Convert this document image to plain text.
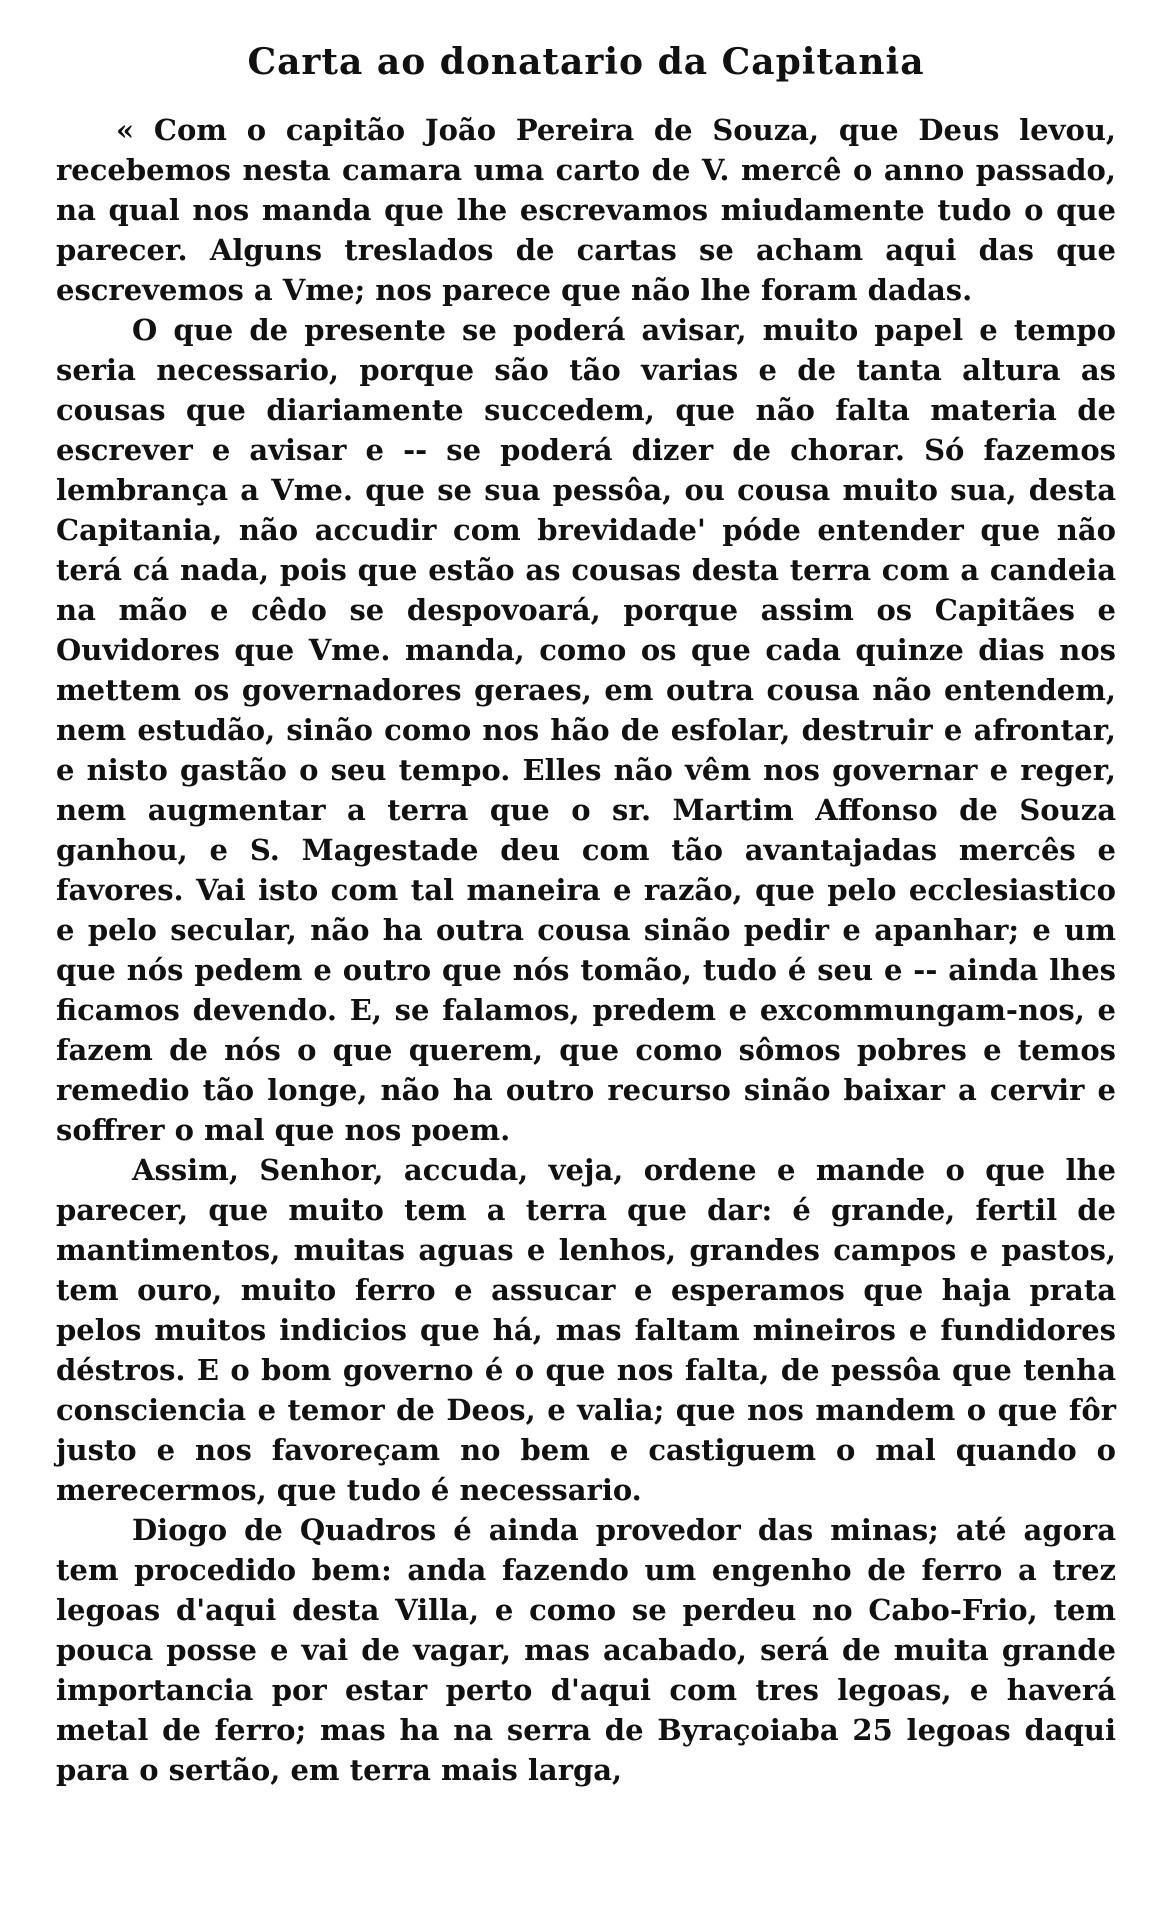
Carta ao donatario da Capitania

« Com o capitão João Pereira de Souza, que Deus levou, recebemos nesta camara uma carto de V. mercê o anno passado, na qual nos manda que lhe escrevamos miudamente tudo o que parecer. Alguns treslados de cartas se acham aqui das que escrevemos a Vme; nos parece que não lhe foram dadas.

O que de presente se poderá avisar, muito papel e tempo seria necessario, porque são tão varias e de tanta altura as cousas que diariamente succedem, que não falta materia de escrever e avisar e -- se poderá dizer de chorar. Só fazemos lembrança a Vme. que se sua pessôa, ou cousa muito sua, desta Capitania, não accudir com brevidade' póde entender que não terá cá nada, pois que estão as cousas desta terra com a candeia na mão e cêdo se despovoará, porque assim os Capitães e Ouvidores que Vme. manda, como os que cada quinze dias nos mettem os governadores geraes, em outra cousa não entendem, nem estudão, sinão como nos hão de esfolar, destruir e afrontar, e nisto gastão o seu tempo. Elles não vêm nos governar e reger, nem augmentar a terra que o sr. Martim Affonso de Souza ganhou, e S. Magestade deu com tão avantajadas mercês e favores. Vai isto com tal maneira e razão, que pelo ecclesiastico e pelo secular, não ha outra cousa sinão pedir e apanhar; e um que nós pedem e outro que nós tomão, tudo é seu e -- ainda lhes ficamos devendo. E, se falamos, predem e excommungam-nos, e fazem de nós o que querem, que como sômos pobres e temos remedio tão longe, não ha outro recurso sinão baixar a cervir e soffrer o mal que nos poem.

Assim, Senhor, accuda, veja, ordene e mande o que lhe parecer, que muito tem a terra que dar: é grande, fertil de mantimentos, muitas aguas e lenhos, grandes campos e pastos, tem ouro, muito ferro e assucar e esperamos que haja prata pelos muitos indicios que há, mas faltam mineiros e fundidores déstros. E o bom governo é o que nos falta, de pessôa que tenha consciencia e temor de Deos, e valia; que nos mandem o que fôr justo e nos favoreçam no bem e castiguem o mal quando o merecermos, que tudo é necessario.

Diogo de Quadros é ainda provedor das minas; até agora tem procedido bem: anda fazendo um engenho de ferro a trez legoas d'aqui desta Villa, e como se perdeu no Cabo-Frio, tem pouca posse e vai de vagar, mas acabado, será de muita grande importancia por estar perto d'aqui com tres legoas, e haverá metal de ferro; mas ha na serra de Byraçoiaba 25 legoas daqui para o sertão, em terra mais larga,
